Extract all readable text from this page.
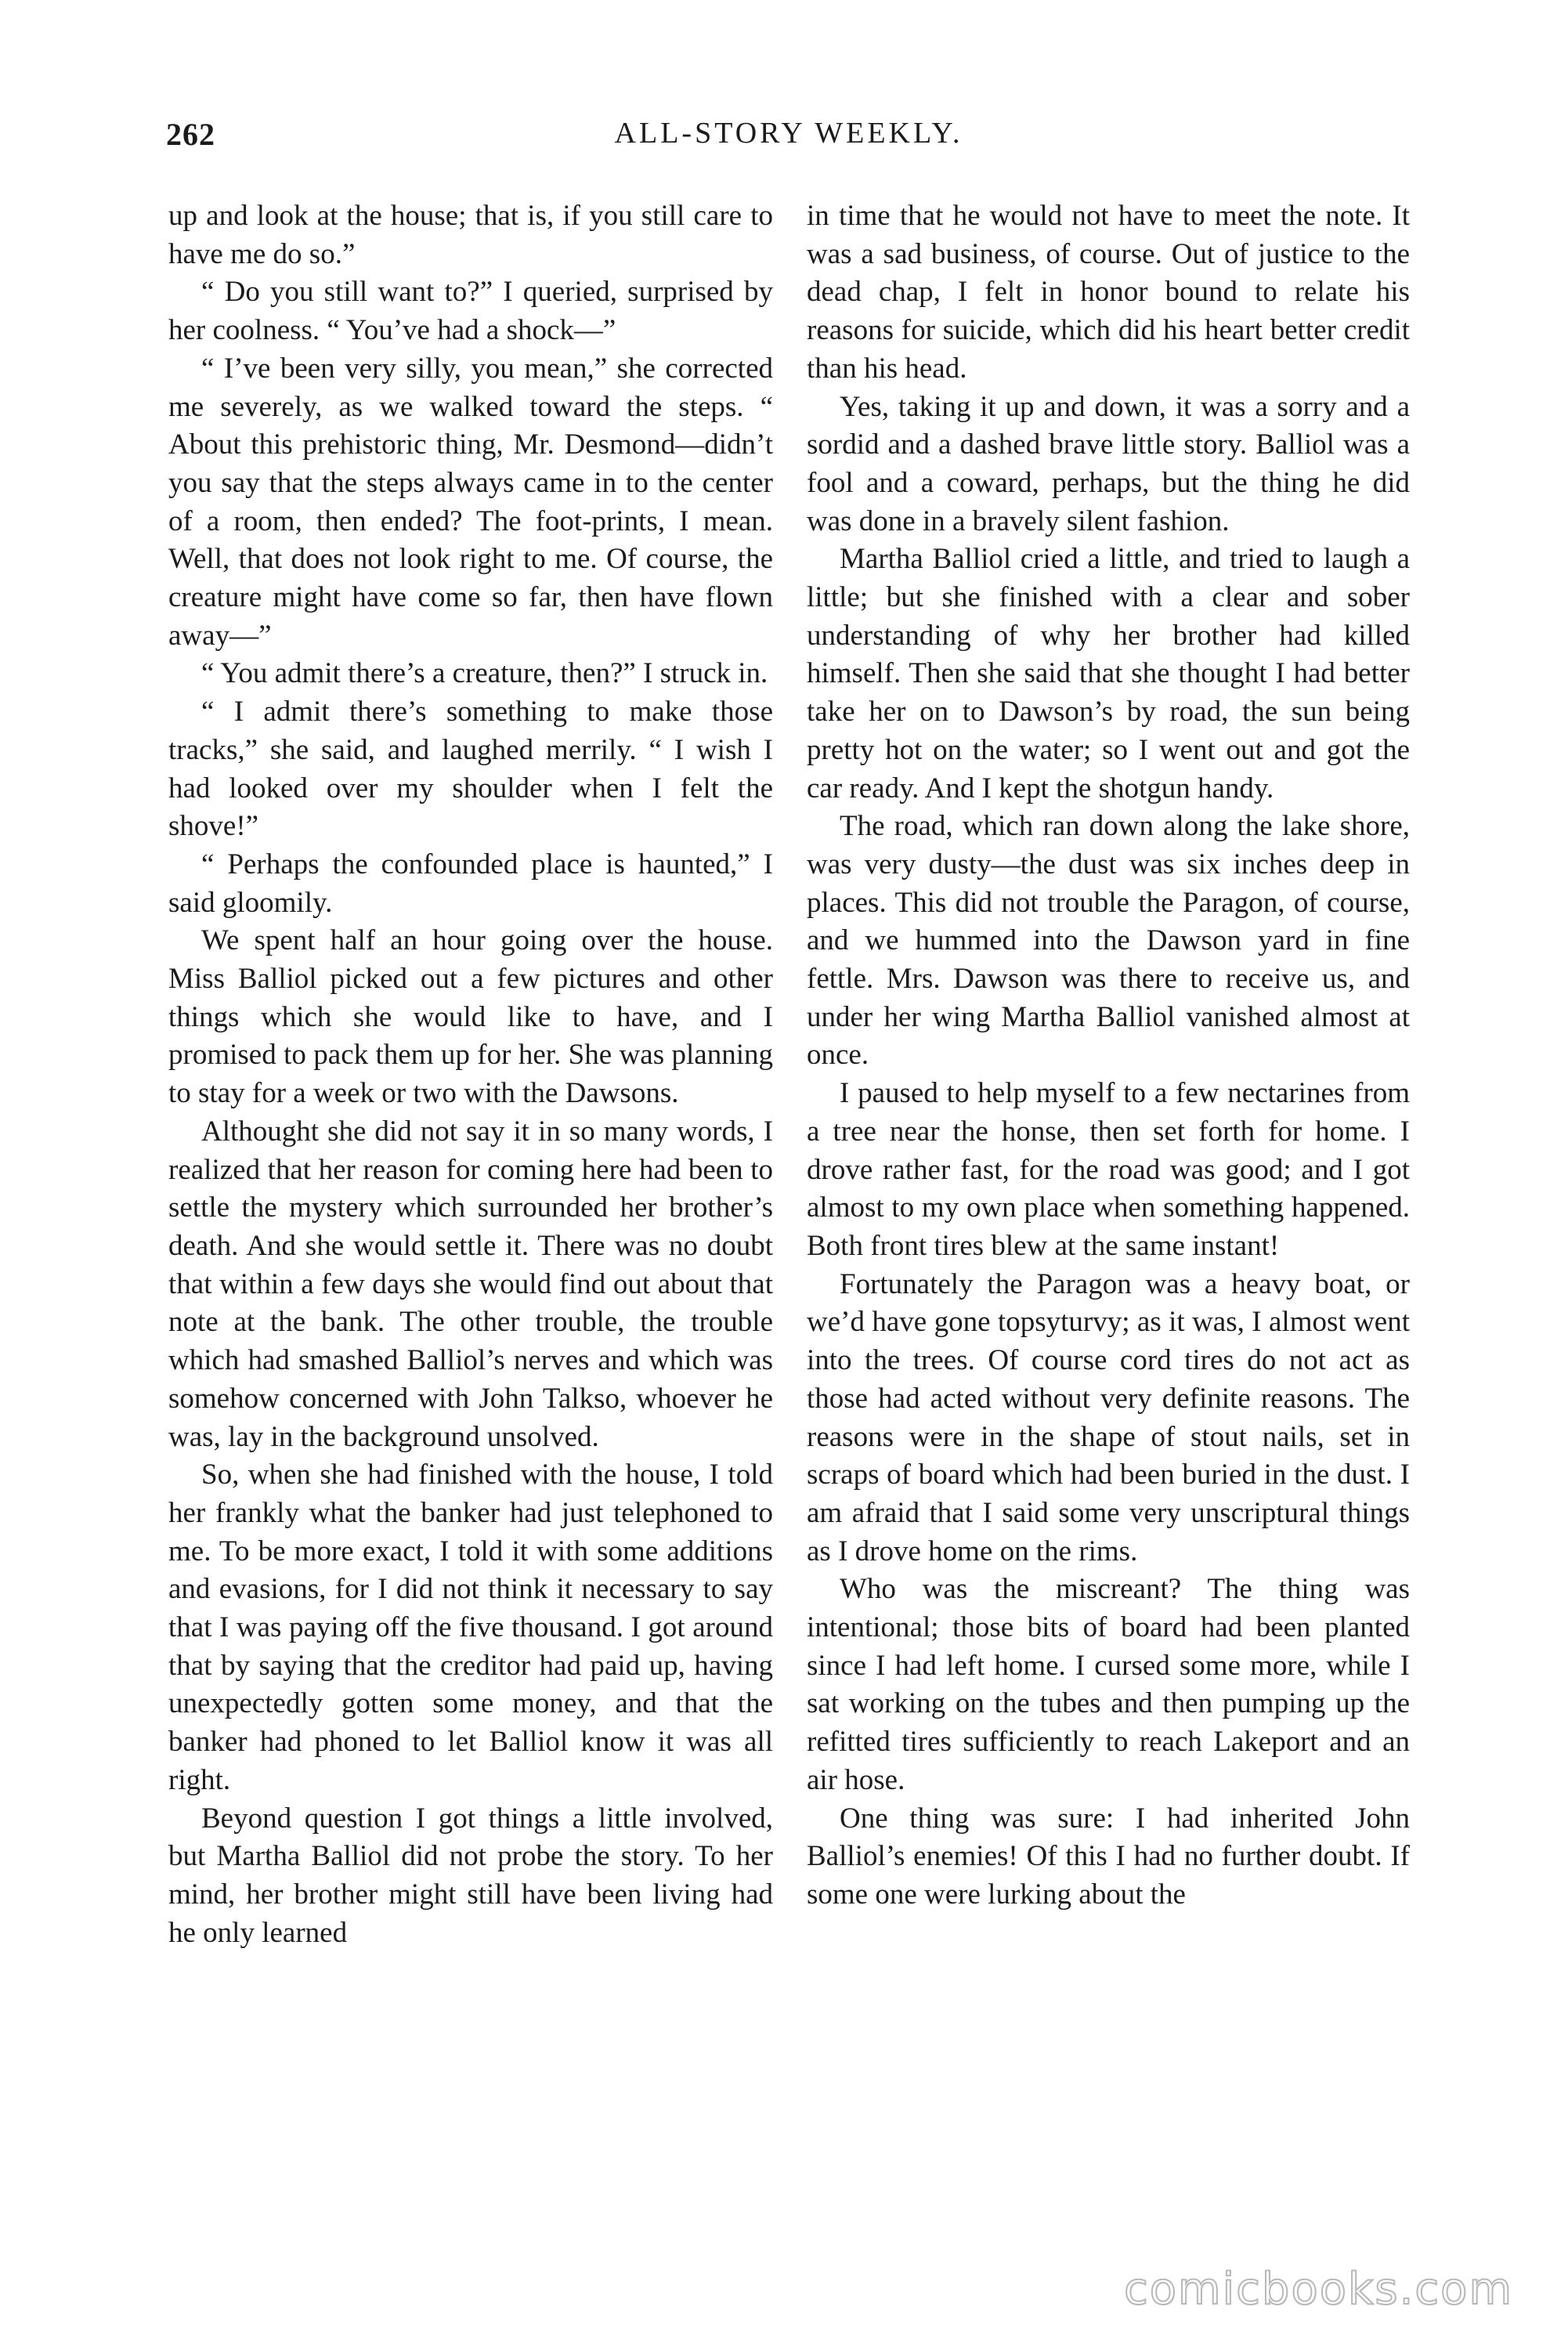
262	ALL-STORY WEEKLY.

up and look at the house; that is, if you still care to have me do so.”

“ Do you still want to?” I queried, surprised by her coolness. “ You’ve had a shock—”

“ I’ve been very silly, you mean,” she corrected me severely, as we walked toward the steps. “ About this prehistoric thing, Mr. Desmond—didn’t you say that the steps always came in to the center of a room, then ended? The foot-prints, I mean. Well, that does not look right to me. Of course, the creature might have come so far, then have flown away—”

“ You admit there’s a creature, then?” I struck in.

“ I admit there’s something to make those tracks,” she said, and laughed merrily. “ I wish I had looked over my shoulder when I felt the shove!”

“ Perhaps the confounded place is haunted,” I said gloomily.

We spent half an hour going over the house. Miss Balliol picked out a few pictures and other things which she would like to have, and I promised to pack them up for her. She was planning to stay for a week or two with the Dawsons.

Althought she did not say it in so many words, I realized that her reason for coming here had been to settle the mystery which surrounded her brother’s death. And she would settle it. There was no doubt that within a few days she would find out about that note at the bank. The other trouble, the trouble which had smashed Balliol’s nerves and which was somehow concerned with John Talkso, whoever he was, lay in the background unsolved.

So, when she had finished with the house, I told her frankly what the banker had just telephoned to me. To be more exact, I told it with some additions and evasions, for I did not think it necessary to say that I was paying off the five thousand. I got around that by saying that the creditor had paid up, having unexpectedly gotten some money, and that the banker had phoned to let Balliol know it was all right.

Beyond question I got things a little involved, but Martha Balliol did not probe the story. To her mind, her brother might still have been living had he only learned

in time that he would not have to meet the note. It was a sad business, of course. Out of justice to the dead chap, I felt in honor bound to relate his reasons for suicide, which did his heart better credit than his head.

Yes, taking it up and down, it was a sorry and a sordid and a dashed brave little story. Balliol was a fool and a coward, perhaps, but the thing he did was done in a bravely silent fashion.

Martha Balliol cried a little, and tried to laugh a little; but she finished with a clear and sober understanding of why her brother had killed himself. Then she said that she thought I had better take her on to Dawson’s by road, the sun being pretty hot on the water; so I went out and got the car ready. And I kept the shotgun handy.

The road, which ran down along the lake shore, was very dusty—the dust was six inches deep in places. This did not trouble the Paragon, of course, and we hummed into the Dawson yard in fine fettle. Mrs. Dawson was there to receive us, and under her wing Martha Balliol vanished almost at once.

I paused to help myself to a few nectarines from a tree near the honse, then set forth for home. I drove rather fast, for the road was good; and I got almost to my own place when something happened. Both front tires blew at the same instant!

Fortunately the Paragon was a heavy boat, or we’d have gone topsyturvy; as it was, I almost went into the trees. Of course cord tires do not act as those had acted without very definite reasons. The reasons were in the shape of stout nails, set in scraps of board which had been buried in the dust. I am afraid that I said some very unscriptural things as I drove home on the rims.

Who was the miscreant? The thing was intentional; those bits of board had been planted since I had left home. I cursed some more, while I sat working on the tubes and then pumping up the refitted tires sufficiently to reach Lakeport and an air hose.

One thing was sure: I had inherited John Balliol’s enemies! Of this I had no further doubt. If some one were lurking about the

comicbooks.com
